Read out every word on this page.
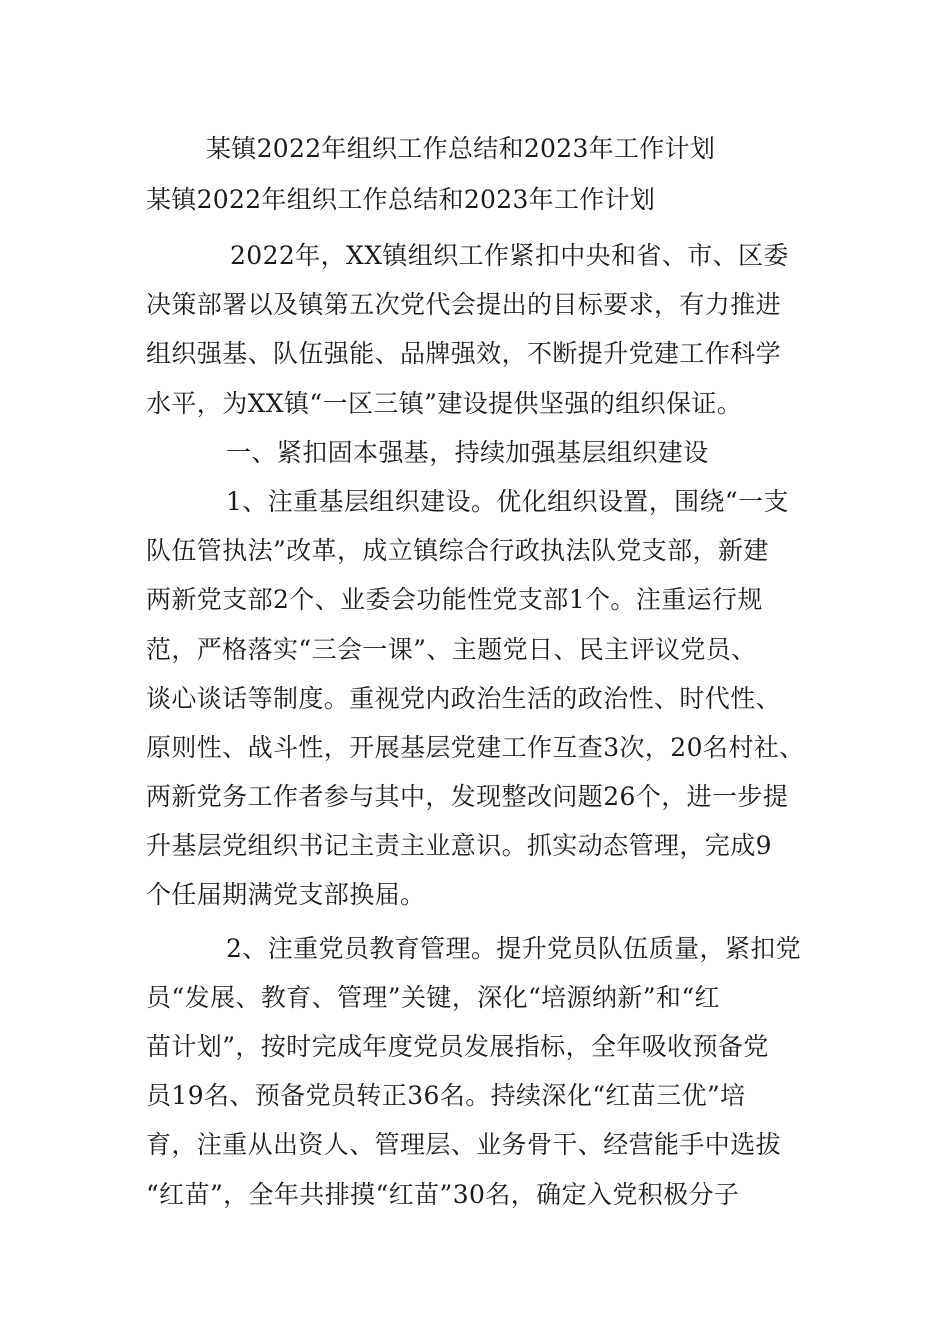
某镇2022年组织工作总结和2023年工作计划
某镇2022年组织工作总结和2023年工作计划

2022年，XX镇组织工作紧扣中央和省、市、区委
决策部署以及镇第五次党代会提出的目标要求，有力推进
组织强基、队伍强能、品牌强效，不断提升党建工作科学
水平，为XX镇“一区三镇”建设提供坚强的组织保证。

一、紧扣固本强基，持续加强基层组织建设

1、注重基层组织建设。优化组织设置，围绕“一支
队伍管执法”改革，成立镇综合行政执法队党支部，新建
两新党支部2个、业委会功能性党支部1个。注重运行规
范，严格落实“三会一课”、主题党日、民主评议党员、
谈心谈话等制度。重视党内政治生活的政治性、时代性、
原则性、战斗性，开展基层党建工作互查3次，20名村社、
两新党务工作者参与其中，发现整改问题26个，进一步提
升基层党组织书记主责主业意识。抓实动态管理，完成9
个任届期满党支部换届。

2、注重党员教育管理。提升党员队伍质量，紧扣党
员“发展、教育、管理”关键，深化“培源纳新”和“红
苗计划”，按时完成年度党员发展指标，全年吸收预备党
员19名、预备党员转正36名。持续深化“红苗三优”培
育，注重从出资人、管理层、业务骨干、经营能手中选拔
“红苗”，全年共排摸“红苗”30名，确定入党积极分子
